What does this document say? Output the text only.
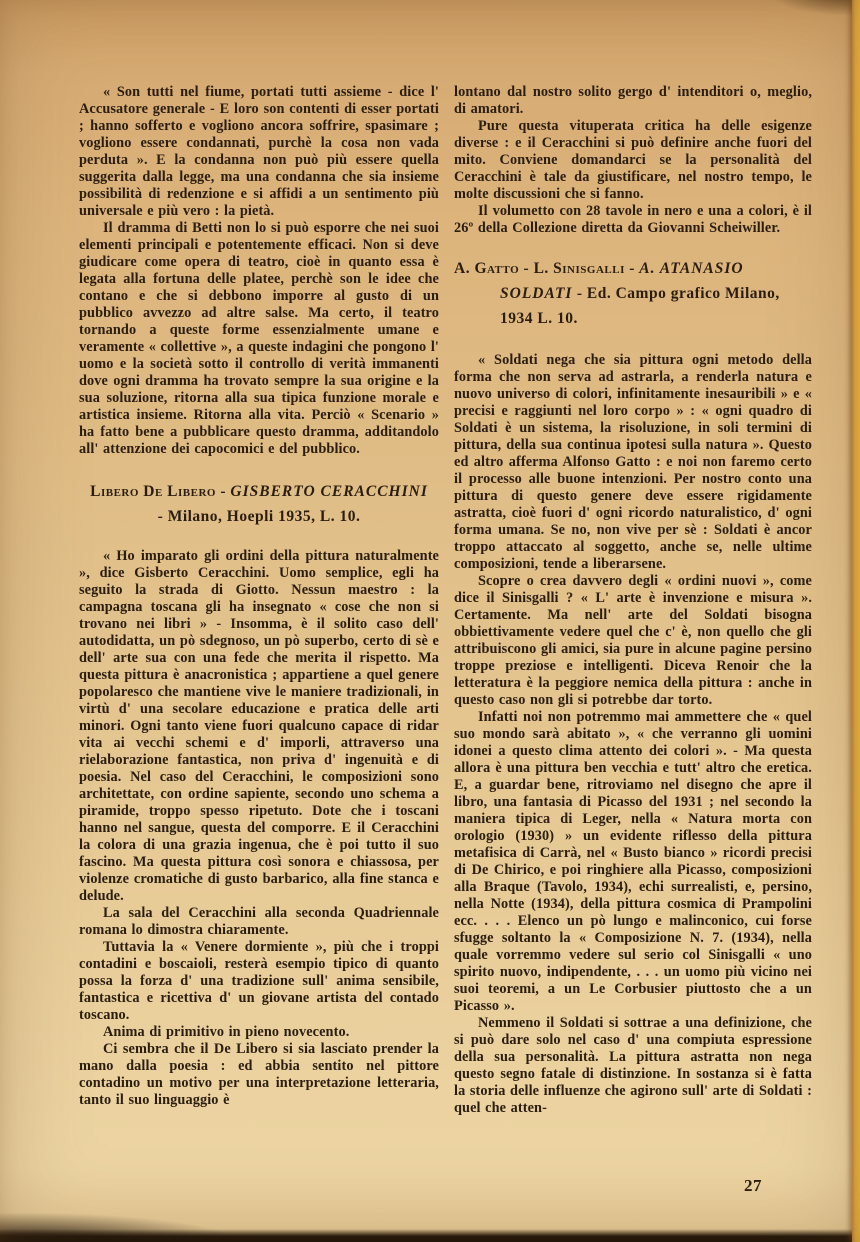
« Son tutti nel fiume, portati tutti assieme - dice l' Accusatore generale - E loro son contenti di esser portati ; hanno sofferto e vogliono ancora soffrire, spasimare ; vogliono essere condannati, purchè la cosa non vada perduta ». E la condanna non può più essere quella suggerita dalla legge, ma una condanna che sia insieme possibilità di redenzione e si affidi a un sentimento più universale e più vero : la pietà.

Il dramma di Betti non lo si può esporre che nei suoi elementi principali e potentemente efficaci. Non si deve giudicare come opera di teatro, cioè in quanto essa è legata alla fortuna delle platee, perchè son le idee che contano e che si debbono imporre al gusto di un pubblico avvezzo ad altre salse. Ma certo, il teatro tornando a queste forme essenzialmente umane e veramente « collettive », a queste indagini che pongono l' uomo e la società sotto il controllo di verità immanenti dove ogni dramma ha trovato sempre la sua origine e la sua soluzione, ritorna alla sua tipica funzione morale e artistica insieme. Ritorna alla vita. Perciò « Scenario » ha fatto bene a pubblicare questo dramma, additandolo all' attenzione dei capocomici e del pubblico.

Libero De Libero - GISBERTO CERACCHINI
- Milano, Hoepli 1935, L. 10.

« Ho imparato gli ordini della pittura naturalmente », dice Gisberto Ceracchini. Uomo semplice, egli ha seguito la strada di Giotto. Nessun maestro : la campagna toscana gli ha insegnato « cose che non si trovano nei libri » - Insomma, è il solito caso dell' autodidatta, un pò sdegnoso, un pò superbo, certo di sè e dell' arte sua con una fede che merita il rispetto. Ma questa pittura è anacronistica ; appartiene a quel genere popolaresco che mantiene vive le maniere tradizionali, in virtù d' una secolare educazione e pratica delle arti minori. Ogni tanto viene fuori qualcuno capace di ridar vita ai vecchi schemi e d' imporli, attraverso una rielaborazione fantastica, non priva d' ingenuità e di poesia. Nel caso del Ceracchini, le composizioni sono architettate, con ordine sapiente, secondo uno schema a piramide, troppo spesso ripetuto. Dote che i toscani hanno nel sangue, questa del comporre. E il Ceracchini la colora di una grazia ingenua, che è poi tutto il suo fascino. Ma questa pittura così sonora e chiassosa, per violenze cromatiche di gusto barbarico, alla fine stanca e delude.

La sala del Ceracchini alla seconda Quadriennale romana lo dimostra chiaramente.

Tuttavia la « Venere dormiente », più che i troppi contadini e boscaioli, resterà esempio tipico di quanto possa la forza d' una tradizione sull' anima sensibile, fantastica e ricettiva d' un giovane artista del contado toscano.

Anima di primitivo in pieno novecento.

Ci sembra che il De Libero si sia lasciato prender la mano dalla poesia : ed abbia sentito nel pittore contadino un motivo per una interpretazione letteraria, tanto il suo linguaggio è

lontano dal nostro solito gergo d' intenditori o, meglio, di amatori.

Pure questa vituperata critica ha delle esigenze diverse : e il Ceracchini si può definire anche fuori del mito. Conviene domandarci se la personalità del Ceracchini è tale da giustificare, nel nostro tempo, le molte discussioni che si fanno.

Il volumetto con 28 tavole in nero e una a colori, è il 26º della Collezione diretta da Giovanni Scheiwiller.

A. Gatto - L. Sinisgalli - A. ATANASIO SOLDATI - Ed. Campo grafico Milano, 1934 L. 10.

« Soldati nega che sia pittura ogni metodo della forma che non serva ad astrarla, a renderla natura e nuovo universo di colori, infinitamente inesauribili » e « precisi e raggiunti nel loro corpo » : « ogni quadro di Soldati è un sistema, la risoluzione, in soli termini di pittura, della sua continua ipotesi sulla natura ». Questo ed altro afferma Alfonso Gatto : e noi non faremo certo il processo alle buone intenzioni. Per nostro conto una pittura di questo genere deve essere rigidamente astratta, cioè fuori d' ogni ricordo naturalistico, d' ogni forma umana. Se no, non vive per sè : Soldati è ancor troppo attaccato al soggetto, anche se, nelle ultime composizioni, tende a liberarsene.

Scopre o crea davvero degli « ordini nuovi », come dice il Sinisgalli ? « L' arte è invenzione e misura ». Certamente. Ma nell' arte del Soldati bisogna obbiettivamente vedere quel che c' è, non quello che gli attribuiscono gli amici, sia pure in alcune pagine persino troppe preziose e intelligenti. Diceva Renoir che la letteratura è la peggiore nemica della pittura : anche in questo caso non gli si potrebbe dar torto.

Infatti noi non potremmo mai ammettere che « quel suo mondo sarà abitato », « che verranno gli uomini idonei a questo clima attento dei colori ». - Ma questa allora è una pittura ben vecchia e tutt' altro che eretica. E, a guardar bene, ritroviamo nel disegno che apre il libro, una fantasia di Picasso del 1931 ; nel secondo la maniera tipica di Leger, nella « Natura morta con orologio (1930) » un evidente riflesso della pittura metafisica di Carrà, nel « Busto bianco » ricordi precisi di De Chirico, e poi ringhiere alla Picasso, composizioni alla Braque (Tavolo, 1934), echi surrealisti, e, persino, nella Notte (1934), della pittura cosmica di Prampolini ecc. . . . Elenco un pò lungo e malinconico, cui forse sfugge soltanto la « Composizione N. 7. (1934), nella quale vorremmo vedere sul serio col Sinisgalli « uno spirito nuovo, indipendente, . . . un uomo più vicino nei suoi teoremi, a un Le Corbusier piuttosto che a un Picasso ».

Nemmeno il Soldati si sottrae a una definizione, che si può dare solo nel caso d' una compiuta espressione della sua personalità. La pittura astratta non nega questo segno fatale di distinzione. In sostanza si è fatta la storia delle influenze che agirono sull' arte di Soldati : quel che atten-

27
